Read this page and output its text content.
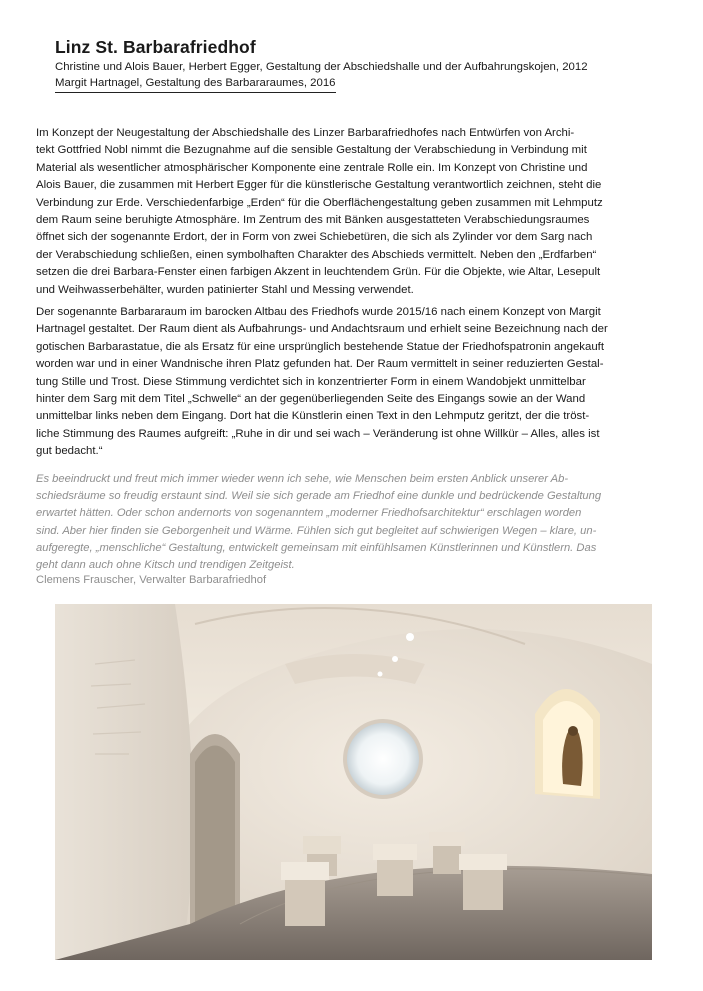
Linz St. Barbarafriedhof
Christine und Alois Bauer, Herbert Egger, Gestaltung der Abschiedshalle und der Aufbahrungskojen, 2012
Margit Hartnagel, Gestaltung des Barbararaumes, 2016
Im Konzept der Neugestaltung der Abschiedshalle des Linzer Barbarafriedhofes nach Entwürfen von Archi-
tekt Gottfried Nobl nimmt die Bezugnahme auf die sensible Gestaltung der Verabschiedung in Verbindung mit
Material als wesentlicher atmosphärischer Komponente eine zentrale Rolle ein. Im Konzept von Christine und
Alois Bauer, die zusammen mit Herbert Egger für die künstlerische Gestaltung verantwortlich zeichnen, steht die
Verbindung zur Erde. Verschiedenfarbige „Erden“ für die Oberflächengestaltung geben zusammen mit Lehmputz
dem Raum seine beruhigte Atmosphäre. Im Zentrum des mit Bänken ausgestatteten Verabschiedungsraumes
öffnet sich der sogenannte Erdort, der in Form von zwei Schiebetüren, die sich als Zylinder vor dem Sarg nach
der Verabschiedung schließen, einen symbolhaften Charakter des Abschieds vermittelt. Neben den „Erdfarben“
setzen die drei Barbara-Fenster einen farbigen Akzent in leuchtendem Grün. Für die Objekte, wie Altar, Lesepult
und Weihwasserbehälter, wurden patinierter Stahl und Messing verwendet.
Der sogenannte Barbararaum im barocken Altbau des Friedhofs wurde 2015/16 nach einem Konzept von Margit
Hartnagel gestaltet. Der Raum dient als Aufbahrungs- und Andachtsraum und erhielt seine Bezeichnung nach der
gotischen Barbarastatue, die als Ersatz für eine ursprünglich bestehende Statue der Friedhofspatronin angekauft
worden war und in einer Wandnische ihren Platz gefunden hat. Der Raum vermittelt in seiner reduzierten Gestal-
tung Stille und Trost. Diese Stimmung verdichtet sich in konzentrierter Form in einem Wandobjekt unmittelbar
hinter dem Sarg mit dem Titel „Schwelle“ an der gegenüberliegenden Seite des Eingangs sowie an der Wand
unmittelbar links neben dem Eingang. Dort hat die Künstlerin einen Text in den Lehmputz geritzt, der die tröst-
liche Stimmung des Raumes aufgreift: „Ruhe in dir und sei wach – Veränderung ist ohne Willkür – Alles, alles ist
gut bedacht.“
Es beeindruckt und freut mich immer wieder wenn ich sehe, wie Menschen beim ersten Anblick unserer Ab-
schiedsräume so freudig erstaunt sind. Weil sie sich gerade am Friedhof eine dunkle und bedrückende Gestaltung
erwartet hätten. Oder schon andernorts von sogenanntem „moderner Friedhofsarchitektur“ erschlagen worden
sind. Aber hier finden sie Geborgenheit und Wärme. Fühlen sich gut begleitet auf schwierigen Wegen – klare, un-
aufgeregte, „menschliche“ Gestaltung, entwickelt gemeinsam mit einfühlsamen Künstlerinnen und Künstlern. Das
geht dann auch ohne Kitsch und trendigen Zeitgeist.
Clemens Frauscher, Verwalter Barbarafriedhof
